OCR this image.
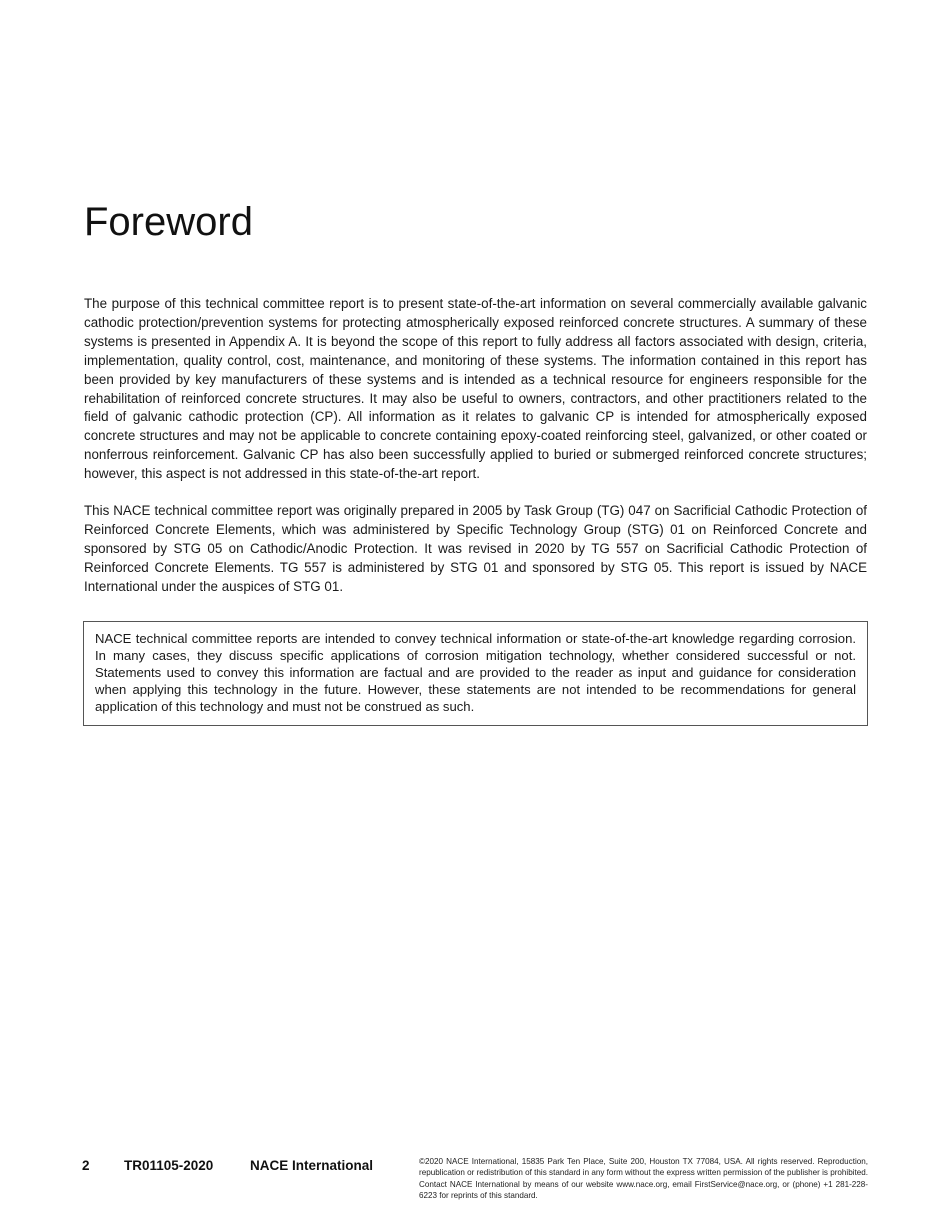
Foreword

The purpose of this technical committee report is to present state-of-the-art information on several commercially available galvanic cathodic protection/prevention systems for protecting atmospherically exposed reinforced concrete structures. A summary of these systems is presented in Appendix A. It is beyond the scope of this report to fully address all factors associated with design, criteria, implementation, quality control, cost, maintenance, and monitoring of these systems. The information contained in this report has been provided by key manufacturers of these systems and is intended as a technical resource for engineers responsible for the rehabilitation of reinforced concrete structures. It may also be useful to owners, contractors, and other practitioners related to the field of galvanic cathodic protection (CP). All information as it relates to galvanic CP is intended for atmospherically exposed concrete structures and may not be applicable to concrete containing epoxy-coated reinforcing steel, galvanized, or other coated or nonferrous reinforcement. Galvanic CP has also been successfully applied to buried or submerged reinforced concrete structures; however, this aspect is not addressed in this state-of-the-art report.

This NACE technical committee report was originally prepared in 2005 by Task Group (TG) 047 on Sacrificial Cathodic Protection of Reinforced Concrete Elements, which was administered by Specific Technology Group (STG) 01 on Reinforced Concrete and sponsored by STG 05 on Cathodic/Anodic Protection. It was revised in 2020 by TG 557 on Sacrificial Cathodic Protection of Reinforced Concrete Elements. TG 557 is administered by STG 01 and sponsored by STG 05. This report is issued by NACE International under the auspices of STG 01.

NACE technical committee reports are intended to convey technical information or state-of-the-art knowledge regarding corrosion. In many cases, they discuss specific applications of corrosion mitigation technology, whether considered successful or not. Statements used to convey this information are factual and are provided to the reader as input and guidance for consideration when applying this technology in the future. However, these statements are not intended to be recommendations for general application of this technology and must not be construed as such.
2	TR01105-2020	NACE International	©2020 NACE International, 15835 Park Ten Place, Suite 200, Houston TX 77084, USA. All rights reserved. Reproduction, republication or redistribution of this standard in any form without the express written permission of the publisher is prohibited. Contact NACE International by means of our website www.nace.org, email FirstService@nace.org, or (phone) +1 281-228-6223 for reprints of this standard.
